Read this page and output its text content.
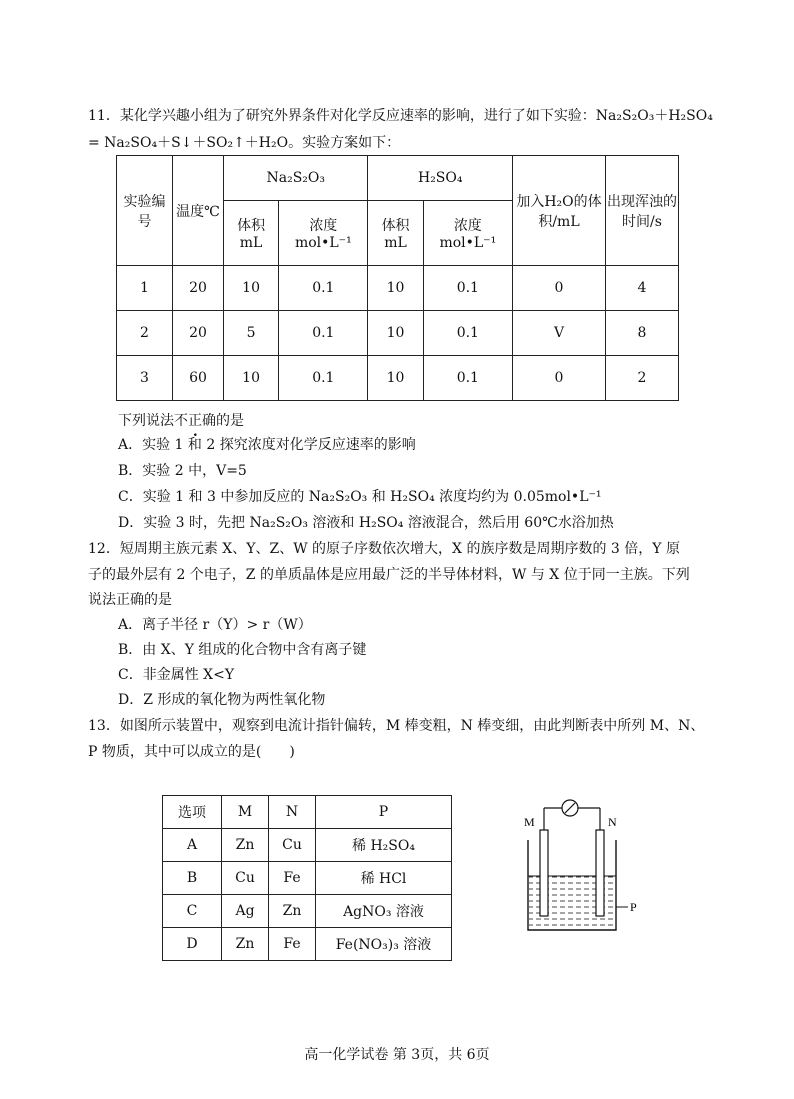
11．某化学兴趣小组为了研究外界条件对化学反应速率的影响，进行了如下实验：Na₂S₂O₃＋H₂SO₄
= Na₂SO₄＋S↓＋SO₂↑＋H₂O。实验方案如下：
实验编号	温度℃	Na₂S₂O₃		H₂SO₄		加入H₂O的体积/mL	出现浑浊的时间/s
		体积 mL	浓度 mol•L⁻¹	体积 mL	浓度 mol•L⁻¹		
1	20	10	0.1	10	0.1	0	4
2	20	5	0.1	10	0.1	V	8
3	60	10	0.1	10	0.1	0	2
下列说法不正确的是
A．实验 1 和 2 探究浓度对化学反应速率的影响
B．实验 2 中，V=5
C．实验 1 和 3 中参加反应的 Na₂S₂O₃ 和 H₂SO₄ 浓度均约为 0.05mol•L⁻¹
D．实验 3 时，先把 Na₂S₂O₃ 溶液和 H₂SO₄ 溶液混合，然后用 60℃水浴加热
12．短周期主族元素 X、Y、Z、W 的原子序数依次增大，X 的族序数是周期序数的 3 倍，Y 原
子的最外层有 2 个电子，Z 的单质晶体是应用最广泛的半导体材料，W 与 X 位于同一主族。下列
说法正确的是
A．离子半径 r（Y）> r（W）
B．由 X、Y 组成的化合物中含有离子键
C．非金属性 X<Y
D．Z 形成的氧化物为两性氧化物
13．如图所示装置中，观察到电流计指针偏转，M 棒变粗，N 棒变细，由此判断表中所列 M、N、
P 物质，其中可以成立的是(　　)
选项	M	N	P
A	Zn	Cu	稀 H₂SO₄
B	Cu	Fe	稀 HCl
C	Ag	Zn	AgNO₃ 溶液
D	Zn	Fe	Fe(NO₃)₃ 溶液
M	N
P
高一化学试卷 第 3页，共 6页
